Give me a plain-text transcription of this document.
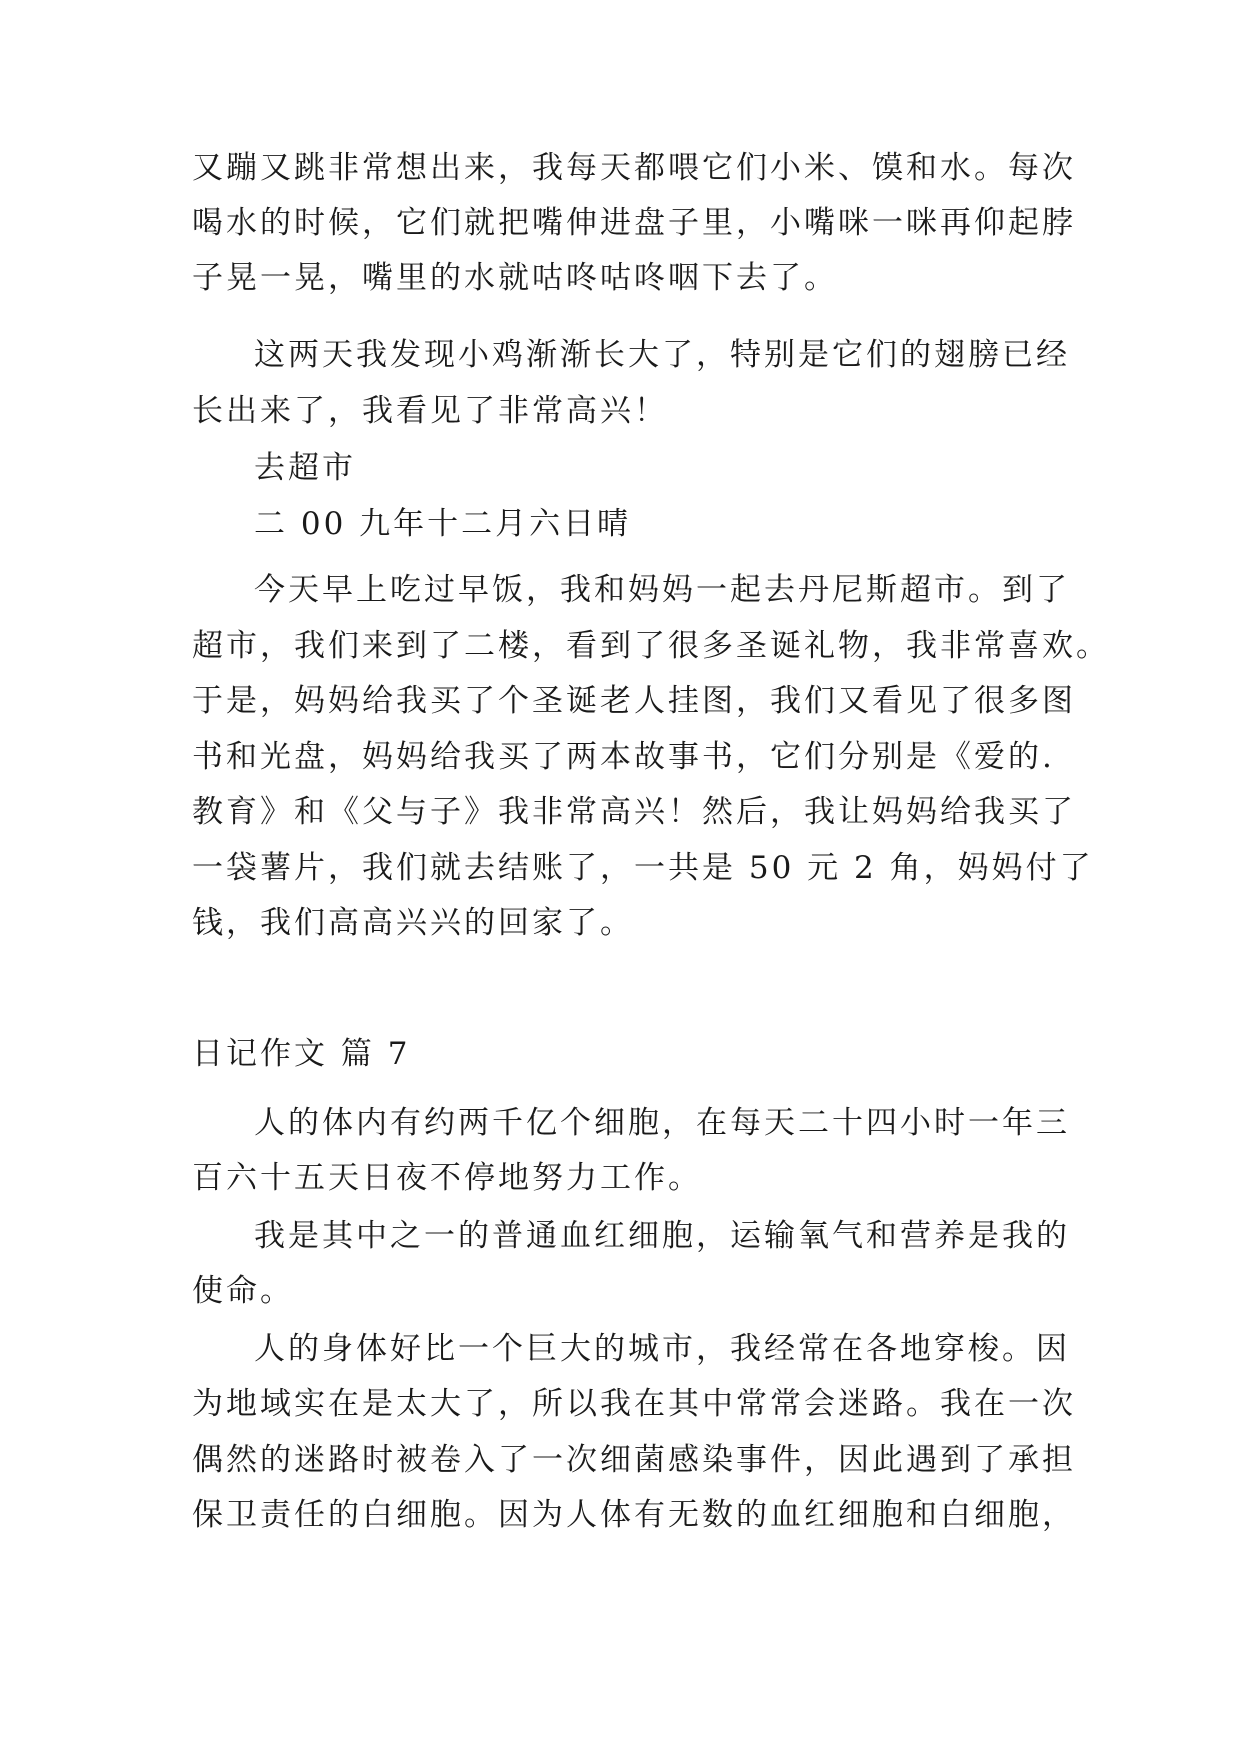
又蹦又跳非常想出来，我每天都喂它们小米、馍和水。每次
喝水的时候，它们就把嘴伸进盘子里，小嘴咪一咪再仰起脖
子晃一晃，嘴里的水就咕咚咕咚咽下去了。
这两天我发现小鸡渐渐长大了，特别是它们的翅膀已经
长出来了，我看见了非常高兴！
去超市
二 00 九年十二月六日晴
今天早上吃过早饭，我和妈妈一起去丹尼斯超市。到了
超市，我们来到了二楼，看到了很多圣诞礼物，我非常喜欢。
于是，妈妈给我买了个圣诞老人挂图，我们又看见了很多图
书和光盘，妈妈给我买了两本故事书，它们分别是《爱的.
教育》和《父与子》我非常高兴！然后，我让妈妈给我买了
一袋薯片，我们就去结账了，一共是 50 元 2 角，妈妈付了
钱，我们高高兴兴的回家了。
日记作文 篇 7
人的体内有约两千亿个细胞，在每天二十四小时一年三
百六十五天日夜不停地努力工作。
我是其中之一的普通血红细胞，运输氧气和营养是我的
使命。
人的身体好比一个巨大的城市，我经常在各地穿梭。因
为地域实在是太大了，所以我在其中常常会迷路。我在一次
偶然的迷路时被卷入了一次细菌感染事件，因此遇到了承担
保卫责任的白细胞。因为人体有无数的血红细胞和白细胞，
